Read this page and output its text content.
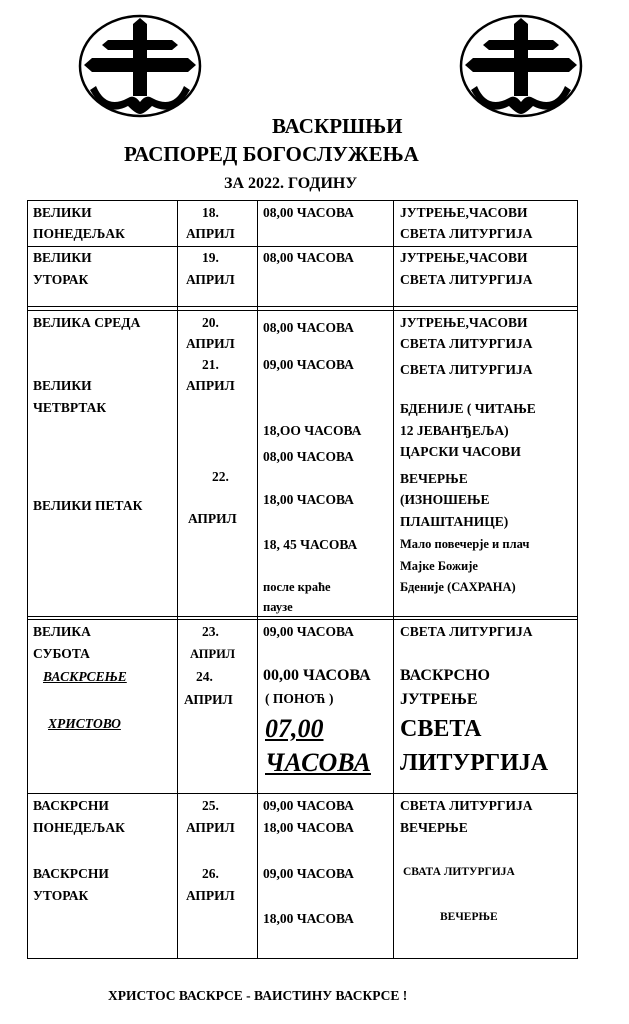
ВАСКРШЊИ
РАСПОРЕД БОГОСЛУЖЕЊА
ЗА 2022. ГОДИНУ
ВЕЛИКИ
ПОНЕДЕЉАК
18.
АПРИЛ
08,00 ЧАСОВА	ЈУТРЕЊЕ,ЧАСОВИ
СВЕТА ЛИТУРГИЈА
ВЕЛИКИ
УТОРАК
19.
АПРИЛ
08,00 ЧАСОВА	ЈУТРЕЊЕ,ЧАСОВИ
СВЕТА ЛИТУРГИЈА
ВЕЛИКА СРЕДА
ВЕЛИКИ
ЧЕТВРТАК
ВЕЛИКИ ПЕТАК
20.
АПРИЛ
21.
АПРИЛ
22.
АПРИЛ
08,00 ЧАСОВА
09,00 ЧАСОВА
18,ОО ЧАСОВА
08,00 ЧАСОВА
18,00 ЧАСОВА
18, 45 ЧАСОВА
после краће
паузе
ЈУТРЕЊЕ,ЧАСОВИ
СВЕТА ЛИТУРГИЈА
СВЕТА ЛИТУРГИЈА
БДЕНИЈЕ ( ЧИТАЊЕ
12 ЈЕВАНЂЕЉА)
ЦАРСКИ ЧАСОВИ
ВЕЧЕРЊЕ
(ИЗНОШЕЊЕ
ПЛАШТАНИЦЕ)
Мало повечерје и плач
Мајке Божије
Бденије (САХРАНА)
ВЕЛИКА
СУБОТА
ВАСКРСЕЊЕ
ХРИСТОВО
23.
АПРИЛ
24.
АПРИЛ
09,00 ЧАСОВА
00,00 ЧАСОВА
( ПОНОЋ )
07,00
ЧАСОВА
СВЕТА ЛИТУРГИЈА
ВАСКРСНО
ЈУТРЕЊЕ
СВЕТА
ЛИТУРГИЈА
ВАСКРСНИ
ПОНЕДЕЉАК
ВАСКРСНИ
УТОРАК
25.
АПРИЛ
26.
АПРИЛ
09,00 ЧАСОВА
18,00 ЧАСОВА
09,00 ЧАСОВА
18,00 ЧАСОВА
СВЕТА ЛИТУРГИЈА
ВЕЧЕРЊЕ
СВАТА ЛИТУРГИЈА
ВЕЧЕРЊЕ
ХРИСТОС ВАСКРСЕ - ВАИСТИНУ ВАСКРСЕ !
